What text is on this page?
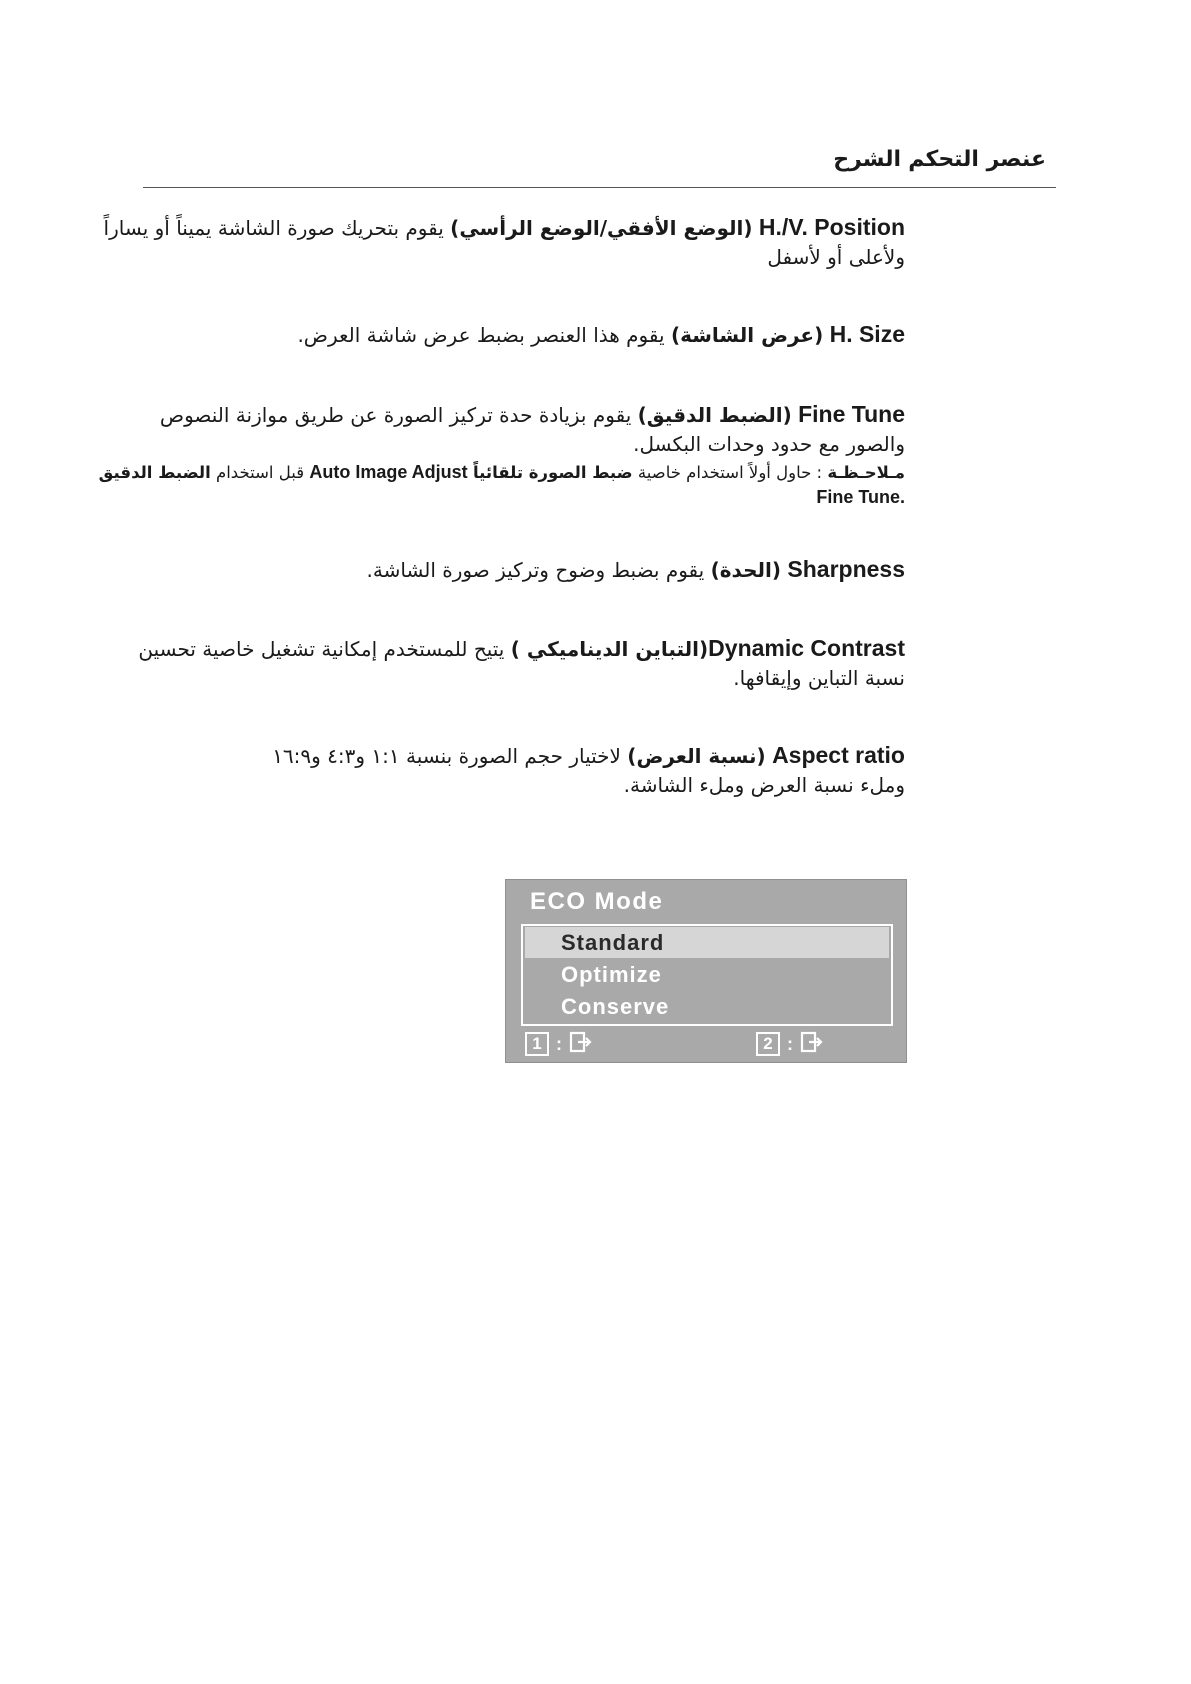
عنصر التحكم
الشرح
H./V. Position (الوضع الأفقي/الوضع الرأسي) يقوم بتحريك صورة الشاشة يميناً أو يساراً
ولأعلى أو لأسفل
H. Size (عرض الشاشة) يقوم هذا العنصر بضبط عرض شاشة العرض.
Fine Tune (الضبط الدقيق) يقوم بزيادة حدة تركيز الصورة عن طريق موازنة النصوص
والصور مع حدود وحدات البكسل.
مـلاحـظـة : حاول أولاً استخدام خاصية ضبط الصورة تلقائياً Auto Image Adjust قبل استخدام الضبط الدقيق
Fine Tune.
Sharpness (الحدة) يقوم بضبط وضوح وتركيز صورة الشاشة.
Dynamic Contrast(التباين الديناميكي ) يتيح للمستخدم إمكانية تشغيل خاصية تحسين
نسبة التباين وإيقافها.
Aspect ratio (نسبة العرض) لاختيار حجم الصورة بنسبة ١:١ و٤:٣ و١٦:٩
وملء نسبة العرض وملء الشاشة.
ECO Mode
Standard
Optimize
Conserve
1 :	2 :
